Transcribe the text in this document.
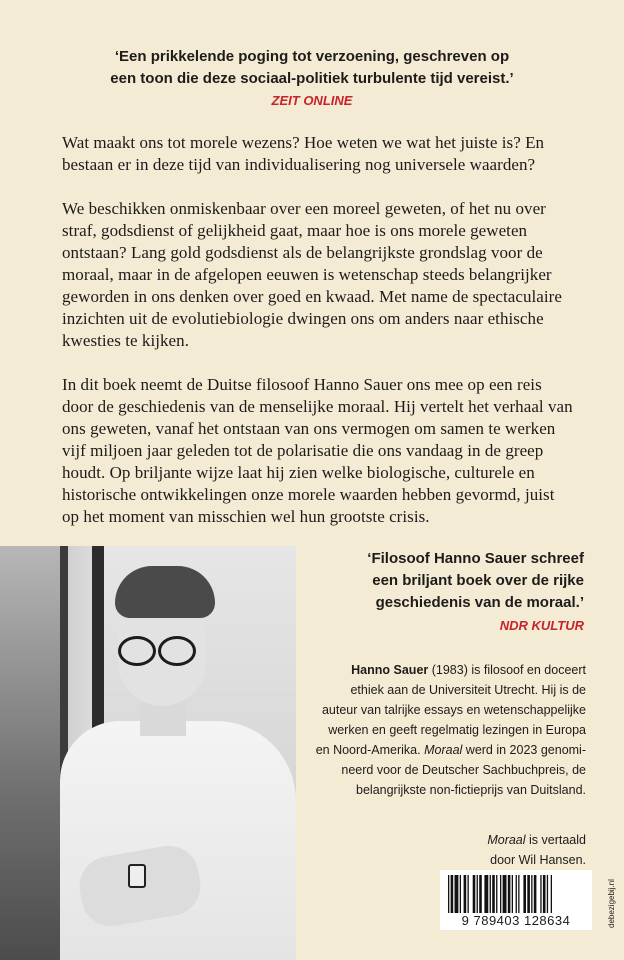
‘Een prikkelende poging tot verzoening, geschreven op
een toon die deze sociaal-politiek turbulente tijd vereist.’
ZEIT ONLINE

Wat maakt ons tot morele wezens? Hoe weten we wat het juiste is? En bestaan er in deze tijd van individualisering nog universele waarden?

We beschikken onmiskenbaar over een moreel geweten, of het nu over straf, godsdienst of gelijkheid gaat, maar hoe is ons morele geweten ontstaan? Lang gold godsdienst als de belangrijkste grondslag voor de moraal, maar in de afgelopen eeuwen is wetenschap steeds belangrijker geworden in ons denken over goed en kwaad. Met name de spectaculaire inzichten uit de evolutiebiologie dwingen ons om anders naar ethische kwesties te kijken.

In dit boek neemt de Duitse filosoof Hanno Sauer ons mee op een reis door de geschiedenis van de menselijke moraal. Hij vertelt het verhaal van ons geweten, vanaf het ontstaan van ons vermogen om samen te werken vijf miljoen jaar geleden tot de polarisatie die ons vandaag in de greep houdt. Op briljante wijze laat hij zien welke biologische, culturele en historische ontwikkelingen onze morele waarden hebben gevormd, juist op het moment van misschien wel hun grootste crisis.

‘Filosoof Hanno Sauer schreef
een briljant boek over de rijke
geschiedenis van de moraal.’
NDR KULTUR
Hanno Sauer (1983) is filosoof en doceert
ethiek aan de Universiteit Utrecht. Hij is de
auteur van talrijke essays en wetenschappelijke
werken en geeft regelmatig lezingen in Europa
en Noord-Amerika. Moraal werd in 2023 genomi-
neerd voor de Deutscher Sachbuchpreis, de
belangrijkste non-fictieprijs van Duitsland.
Moraal is vertaald
door Wil Hansen.
9 789403 128634	debezigebij.nl
